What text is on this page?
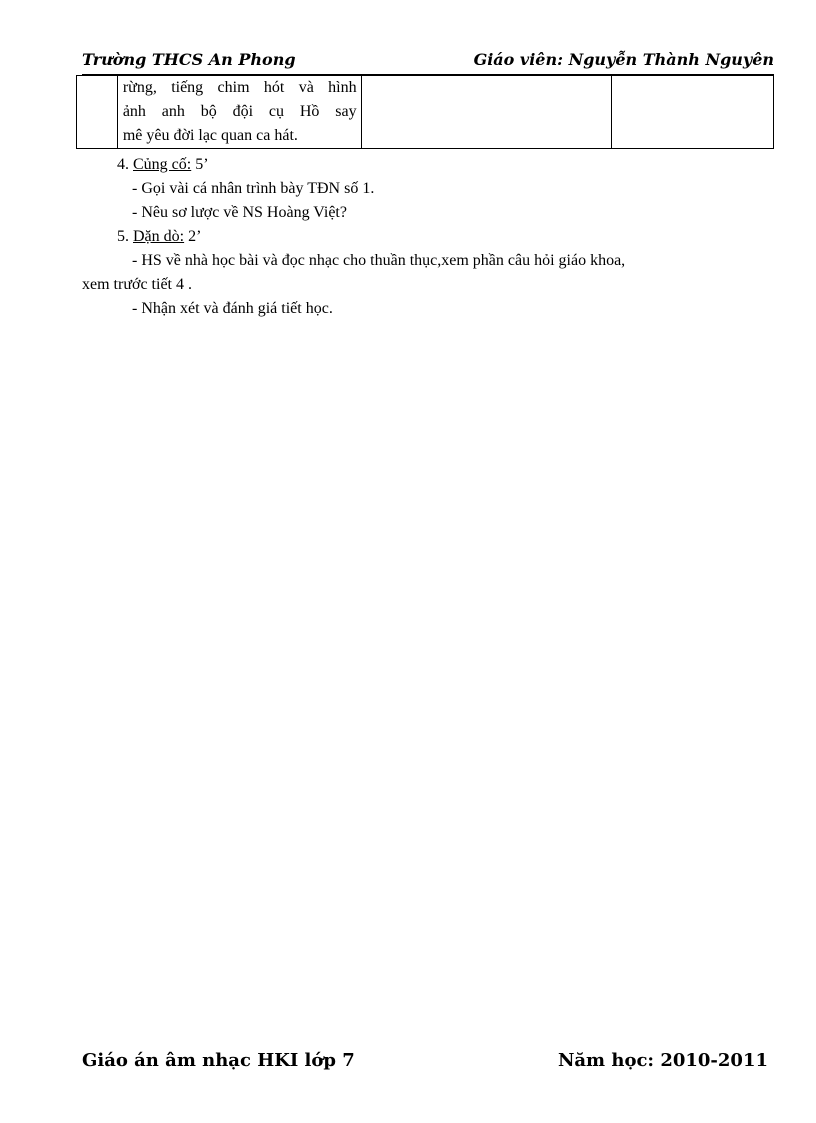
Trường THCS An Phong	Giáo viên: Nguyễn Thành Nguyên

rừng, tiếng chim hót và hình
ảnh anh bộ đội cụ Hồ say
mê yêu đời lạc quan ca hát.

4. Củng cố: 5’

- Gọi vài cá nhân trình bày TĐN số 1.

- Nêu sơ lược về NS Hoàng Việt?

5. Dặn dò: 2’

- HS về nhà học bài và đọc nhạc cho thuần thục,xem phần câu hỏi giáo khoa,

xem trước tiết 4 .

- Nhận xét và đánh giá tiết học.

Giáo án âm nhạc HKI lớp 7	Năm học: 2010-2011
